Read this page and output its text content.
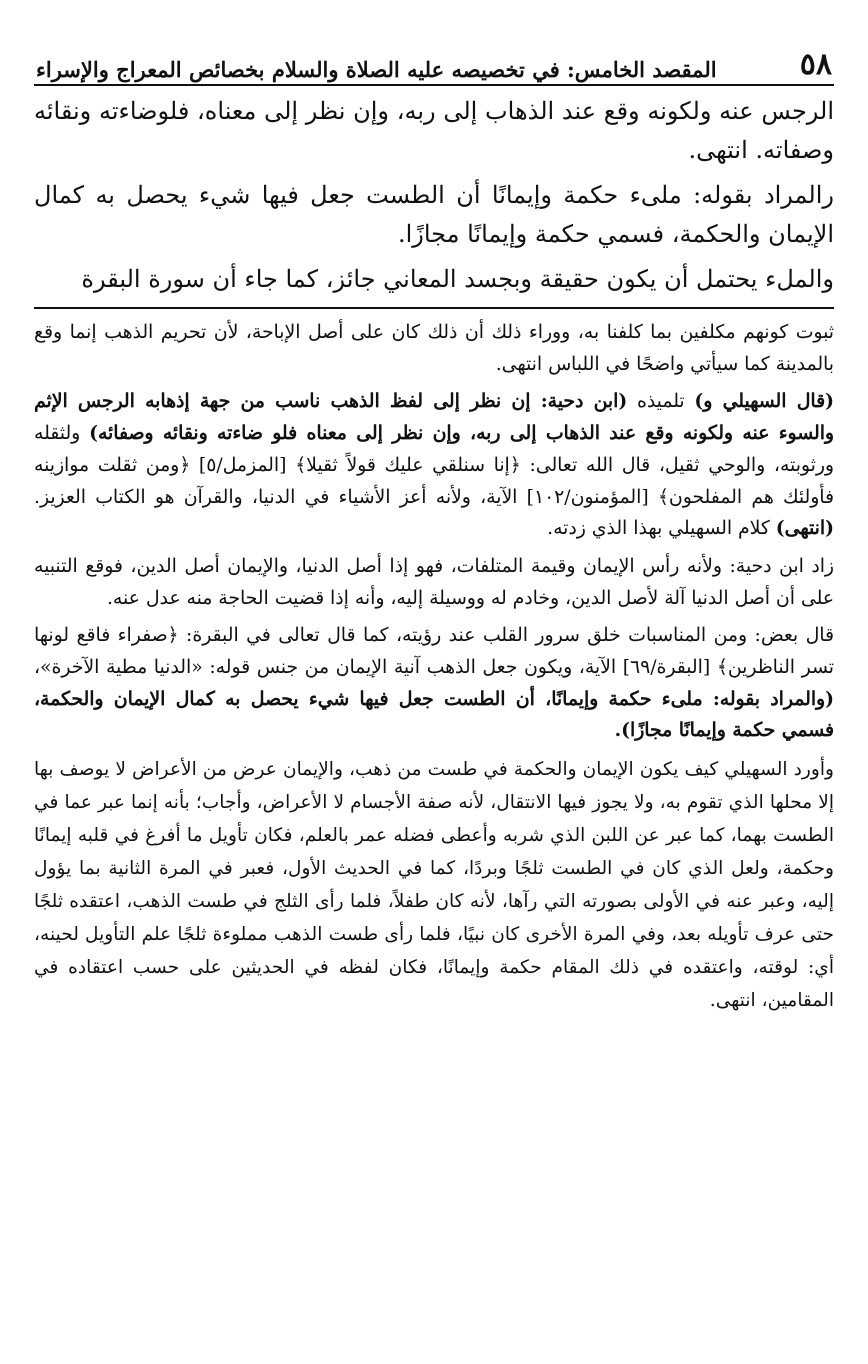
٥٨
المقصد الخامس: في تخصيصه عليه الصلاة والسلام بخصائص المعراج والإسراء

الرجس عنه ولكونه وقع عند الذهاب إلى ربه، وإن نظر إلى معناه، فلوضاءته ونقائه وصفاته. انتهى.

رالمراد بقوله: ملىء حكمة وإيمانًا أن الطست جعل فيها شيء يحصل به كمال الإيمان والحكمة، فسمي حكمة وإيمانًا مجازًا.

والملء يحتمل أن يكون حقيقة وبجسد المعاني جائز، كما جاء أن سورة البقرة

ثبوت كونهم مكلفين بما كلفنا به، ووراء ذلك أن ذلك كان على أصل الإباحة، لأن تحريم الذهب إنما وقع بالمدينة كما سيأتي واضحًا في اللباس انتهى.

(قال السهيلي و) تلميذه (ابن دحية: إن نظر إلى لفظ الذهب ناسب من جهة إذهابه الرجس الإثم والسوء عنه ولكونه وقع عند الذهاب إلى ربه، وإن نظر إلى معناه فلو ضاءته ونقائه وصفائه) ولثقله ورثوبته، والوحي ثقيل، قال الله تعالى: ﴿إنا سنلقي عليك قولاً ثقيلا﴾ [المزمل/٥] ﴿ومن ثقلت موازينه فأولئك هم المفلحون﴾ [المؤمنون/١٠٢] الآية، ولأنه أعز الأشياء في الدنيا، والقرآن هو الكتاب العزيز. (انتهى) كلام السهيلي بهذا الذي زدته.

زاد ابن دحية: ولأنه رأس الإيمان وقيمة المتلفات، فهو إذا أصل الدنيا، والإيمان أصل الدين، فوقع التنبيه على أن أصل الدنيا آلة لأصل الدين، وخادم له ووسيلة إليه، وأنه إذا قضيت الحاجة منه عدل عنه.

قال بعض: ومن المناسبات خلق سرور القلب عند رؤيته، كما قال تعالى في البقرة: ﴿صفراء فاقع لونها تسر الناظرين﴾ [البقرة/٦٩] الآية، ويكون جعل الذهب آنية الإيمان من جنس قوله: «الدنيا مطية الآخرة»، (والمراد بقوله: ملىء حكمة وإيمانًا، أن الطست جعل فيها شيء يحصل به كمال الإيمان والحكمة، فسمي حكمة وإيمانًا مجازًا).

وأورد السهيلي كيف يكون الإيمان والحكمة في طست من ذهب، والإيمان عرض من الأعراض لا يوصف بها إلا محلها الذي تقوم به، ولا يجوز فيها الانتقال، لأنه صفة الأجسام لا الأعراض، وأجاب؛ بأنه إنما عبر عما في الطست بهما، كما عبر عن اللبن الذي شربه وأعطى فضله عمر بالعلم، فكان تأويل ما أفرغ في قلبه إيمانًا وحكمة، ولعل الذي كان في الطست ثلجًا وبردًا، كما في الحديث الأول، فعبر في المرة الثانية بما يؤول إليه، وعبر عنه في الأولى بصورته التي رآها، لأنه كان طفلاً، فلما رأى الثلج في طست الذهب، اعتقده ثلجًا حتى عرف تأويله بعد، وفي المرة الأخرى كان نبيًا، فلما رأى طست الذهب مملوءة ثلجًا علم التأويل لحينه، أي: لوقته، واعتقده في ذلك المقام حكمة وإيمانًا، فكان لفظه في الحديثين على حسب اعتقاده في المقامين، انتهى.
